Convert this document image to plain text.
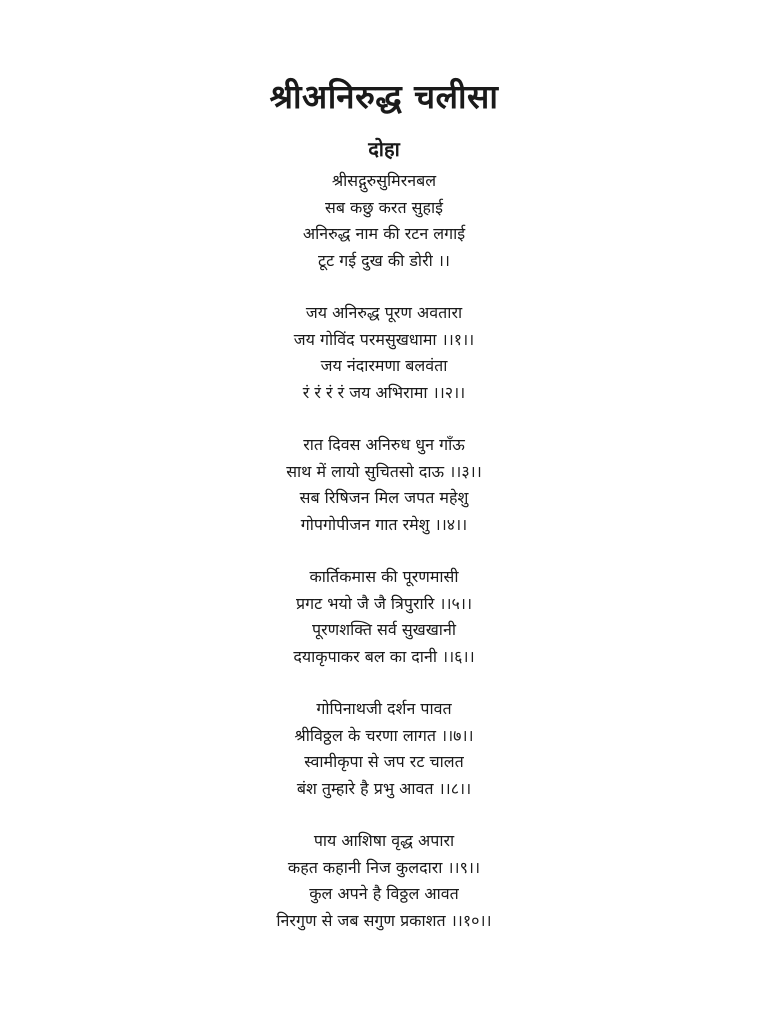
श्रीअनिरुद्ध चलीसा
दोहा
श्रीसद्गुरुसुमिरनबल
सब कछु करत सुहाई
अनिरुद्ध नाम की रटन लगाई
टूट गई दुख की डोरी ।।
जय अनिरुद्ध पूरण अवतारा
जय गोविंद परमसुखधामा ।।१।।
जय नंदारमणा बलवंता
रं रं रं रं जय अभिरामा ।।२।।
रात दिवस अनिरुध धुन गाँऊ
साथ में लायो सुचितसो दाऊ ।।३।।
सब रिषिजन मिल जपत महेशु
गोपगोपीजन गात रमेशु ।।४।।
कार्तिकमास की पूरणमासी
प्रगट भयो जै जै त्रिपुरारि ।।५।।
पूरणशक्ति सर्व सुखखानी
दयाकृपाकर बल का दानी ।।६।।
गोपिनाथजी दर्शन पावत
श्रीविठ्ठल के चरणा लागत ।।७।।
स्वामीकृपा से जप रट चालत
बंश तुम्हारे है प्रभु आवत ।।८।।
पाय आशिषा वृद्ध अपारा
कहत कहानी निज कुलदारा ।।९।।
कुल अपने है विठ्ठल आवत
निरगुण से जब सगुण प्रकाशत ।।१०।।
